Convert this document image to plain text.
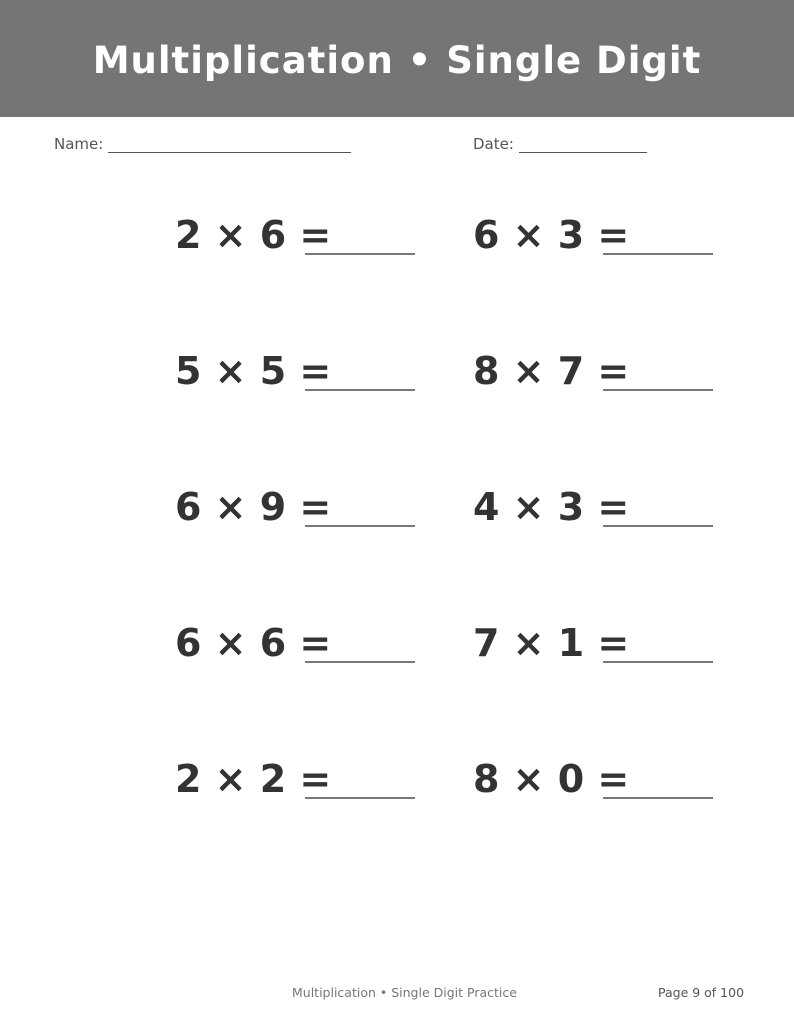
Multiplication • Single Digit
Name:	Date:
2 × 6 =	6 × 3 =
5 × 5 =	8 × 7 =
6 × 9 =	4 × 3 =
6 × 6 =	7 × 1 =
2 × 2 =	8 × 0 =
Multiplication • Single Digit Practice	Page 9 of 100
